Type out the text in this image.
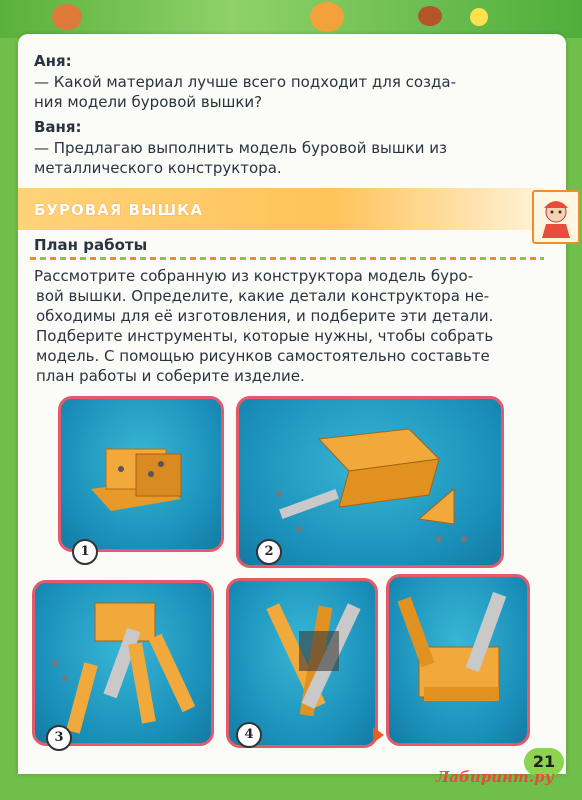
Аня:
— Какой материал лучше всего подходит для созда-
ния модели буровой вышки?
Ваня:
— Предлагаю выполнить модель буровой вышки из
металлического конструктора.
БУРОВАЯ ВЫШКА
План работы
Рассмотрите собранную из конструктора модель буро-
вой вышки. Определите, какие детали конструктора не-
обходимы для её изготовления, и подберите эти детали.
Подберите инструменты, которые нужны, чтобы собрать
модель. С помощью рисунков самостоятельно составьте
план работы и соберите изделие.
1	2
3	4
21
Лабиринт.ру
